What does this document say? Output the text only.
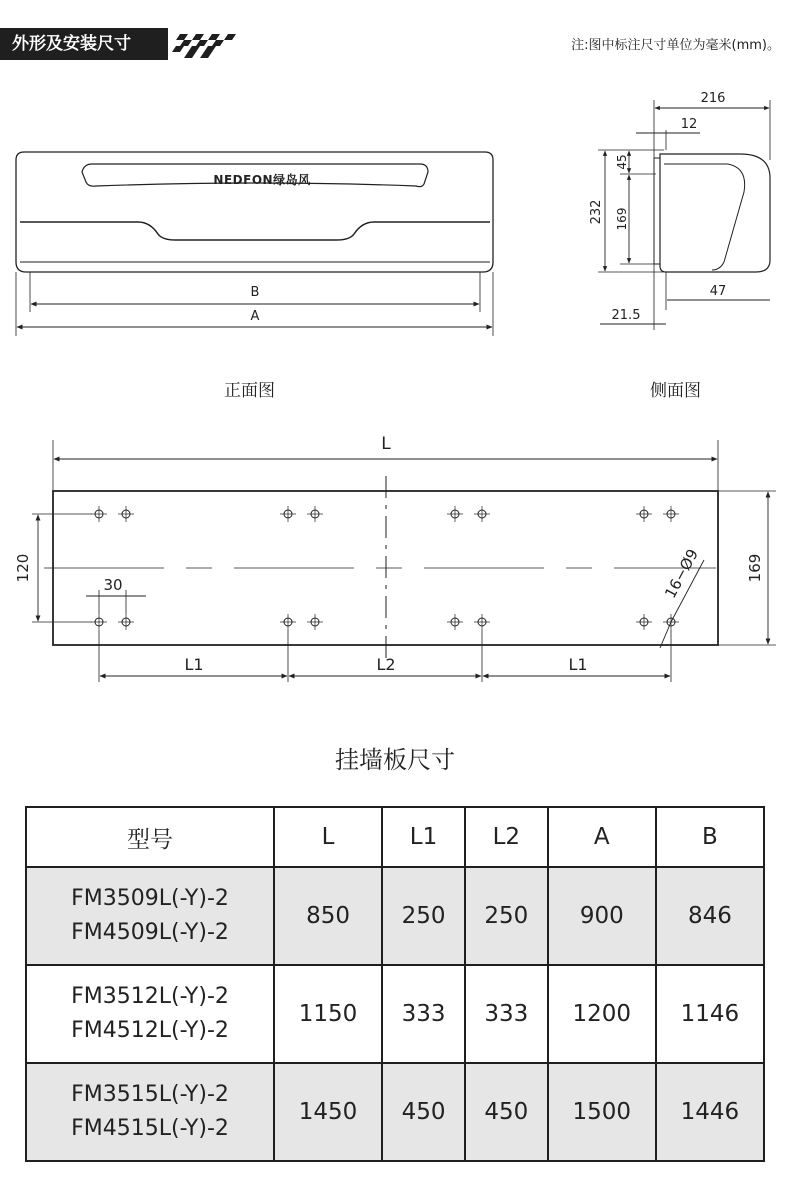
外形及安装尺寸	注:图中标注尺寸单位为毫米(mm)。
NEDFON绿岛风
B
A
正面图
216
12
232
45
169
47
21.5
侧面图
L
120
30
169
16−Ø9
L1	L2	L1
挂墙板尺寸
型号	L	L1	L2	A	B

FM3509L(-Y)-2
FM4509L(-Y)-2	850	250	250	900	846

FM3512L(-Y)-2
FM4512L(-Y)-2	1150	333	333	1200	1146

FM3515L(-Y)-2
FM4515L(-Y)-2	1450	450	450	1500	1446
